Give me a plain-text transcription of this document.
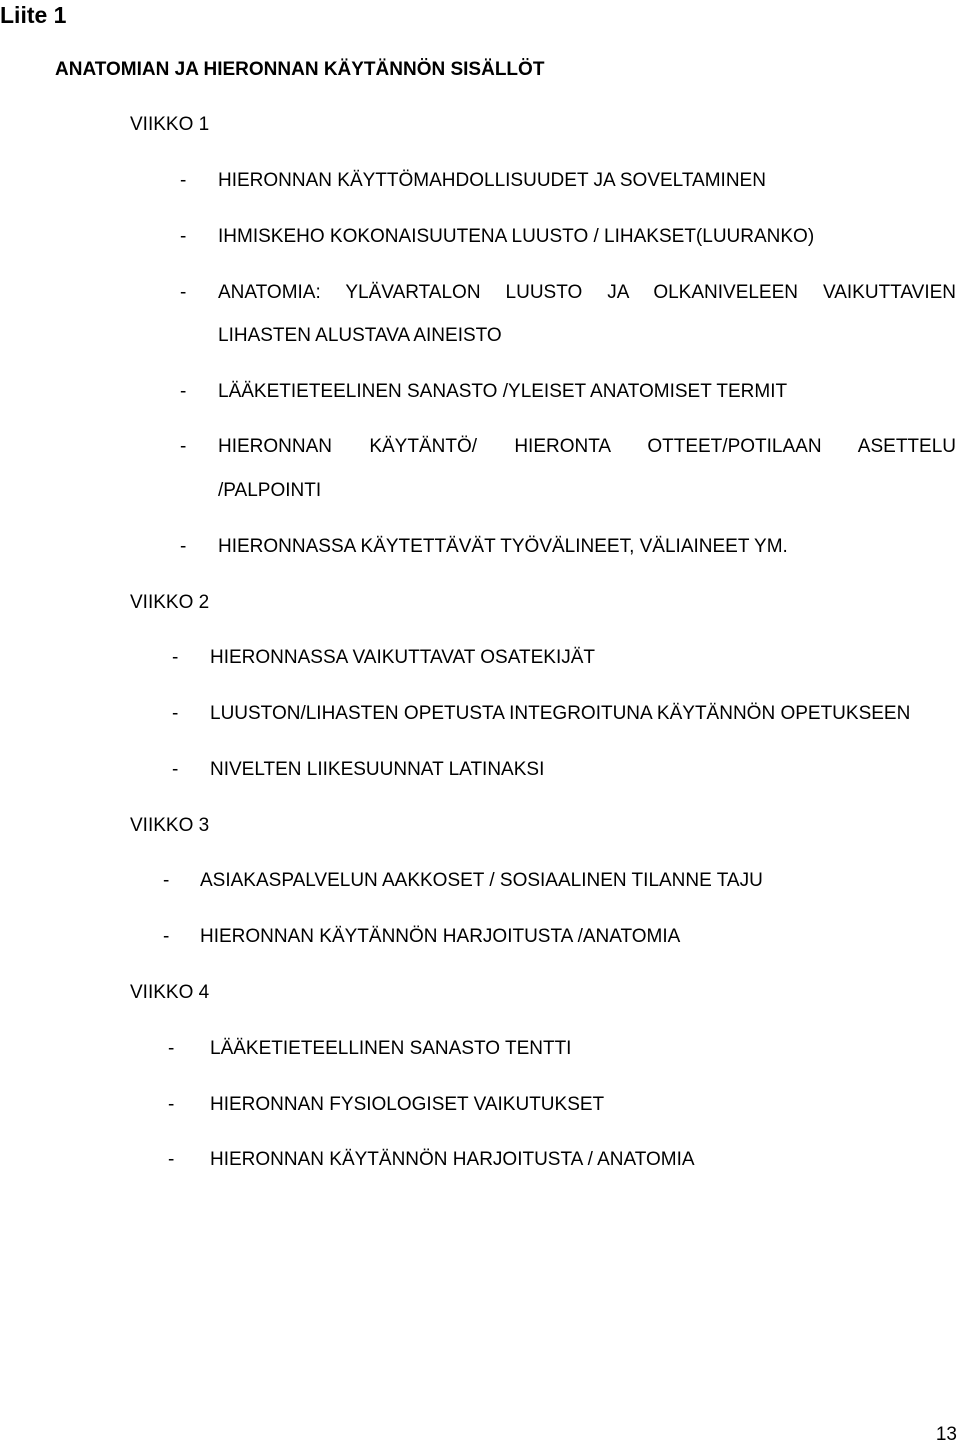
Liite 1
ANATOMIAN JA HIERONNAN KÄYTÄNNÖN SISÄLLÖT
VIIKKO 1
- HIERONNAN KÄYTTÖMAHDOLLISUUDET JA SOVELTAMINEN
- IHMISKEHO KOKONAISUUTENA LUUSTO / LIHAKSET(LUURANKO)
- ANATOMIA: YLÄVARTALON LUUSTO JA OLKANIVELEEN VAIKUTTAVIEN
LIHASTEN ALUSTAVA AINEISTO
- LÄÄKETIETEELINEN SANASTO /YLEISET ANATOMISET TERMIT
- HIERONNAN KÄYTÄNTÖ/ HIERONTA OTTEET/POTILAAN ASETTELU
/PALPOINTI
- HIERONNASSA KÄYTETTÄVÄT TYÖVÄLINEET, VÄLIAINEET YM.
VIIKKO 2
- HIERONNASSA VAIKUTTAVAT OSATEKIJÄT
- LUUSTON/LIHASTEN OPETUSTA INTEGROITUNA KÄYTÄNNÖN OPETUKSEEN
- NIVELTEN LIIKESUUNNAT LATINAKSI
VIIKKO 3
- ASIAKASPALVELUN AAKKOSET / SOSIAALINEN TILANNE TAJU
- HIERONNAN KÄYTÄNNÖN HARJOITUSTA /ANATOMIA
VIIKKO 4
- LÄÄKETIETEELLINEN SANASTO TENTTI
- HIERONNAN FYSIOLOGISET VAIKUTUKSET
- HIERONNAN KÄYTÄNNÖN HARJOITUSTA / ANATOMIA
13
